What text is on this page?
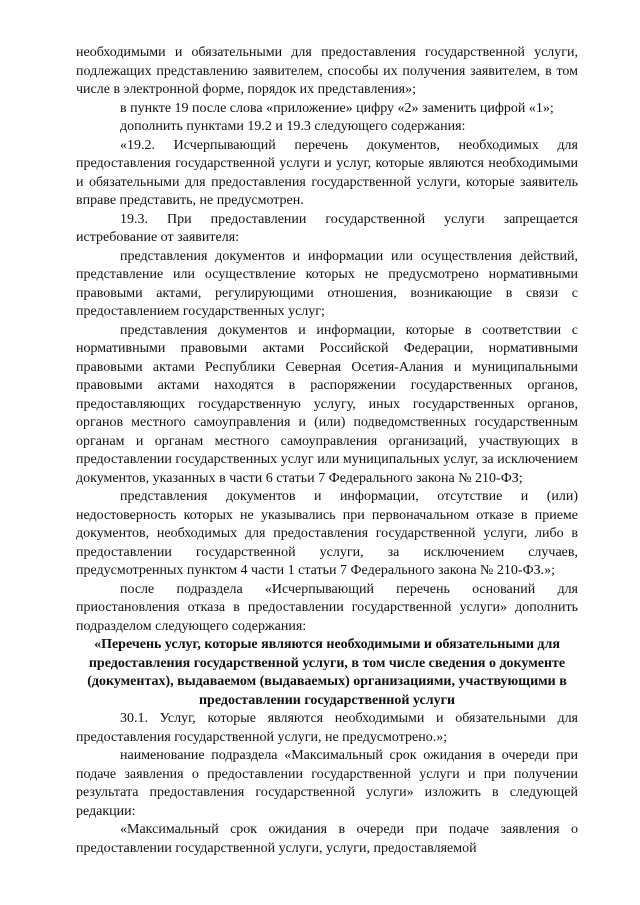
необходимыми и обязательными для предоставления государственной услуги, подлежащих представлению заявителем, способы их получения заявителем, в том числе в электронной форме, порядок их представления»;

в пункте 19 после слова «приложение» цифру «2» заменить цифрой «1»;

дополнить пунктами 19.2 и 19.3 следующего содержания:

«19.2. Исчерпывающий перечень документов, необходимых для предоставления государственной услуги и услуг, которые являются необходимыми и обязательными для предоставления государственной услуги, которые заявитель вправе представить, не предусмотрен.

19.3. При предоставлении государственной услуги запрещается истребование от заявителя:

представления документов и информации или осуществления действий, представление или осуществление которых не предусмотрено нормативными правовыми актами, регулирующими отношения, возникающие в связи с предоставлением государственных услуг;

представления документов и информации, которые в соответствии с нормативными правовыми актами Российской Федерации, нормативными правовыми актами Республики Северная Осетия-Алания и муниципальными правовыми актами находятся в распоряжении государственных органов, предоставляющих государственную услугу, иных государственных органов, органов местного самоуправления и (или) подведомственных государственным органам и органам местного самоуправления организаций, участвующих в предоставлении государственных услуг или муниципальных услуг, за исключением документов, указанных в части 6 статьи 7 Федерального закона № 210-ФЗ;

представления документов и информации, отсутствие и (или) недостоверность которых не указывались при первоначальном отказе в приеме документов, необходимых для предоставления государственной услуги, либо в предоставлении государственной услуги, за исключением случаев, предусмотренных пунктом 4 части 1 статьи 7 Федерального закона № 210-ФЗ.»;

после подраздела «Исчерпывающий перечень оснований для приостановления отказа в предоставлении государственной услуги» дополнить подразделом следующего содержания:

«Перечень услуг, которые являются необходимыми и обязательными для предоставления государственной услуги, в том числе сведения о документе (документах), выдаваемом (выдаваемых) организациями, участвующими в предоставлении государственной услуги

30.1. Услуг, которые являются необходимыми и обязательными для предоставления государственной услуги, не предусмотрено.»;

наименование подраздела «Максимальный срок ожидания в очереди при подаче заявления о предоставлении государственной услуги и при получении результата предоставления государственной услуги» изложить в следующей редакции:

«Максимальный срок ожидания в очереди при подаче заявления о предоставлении государственной услуги, услуги, предоставляемой
